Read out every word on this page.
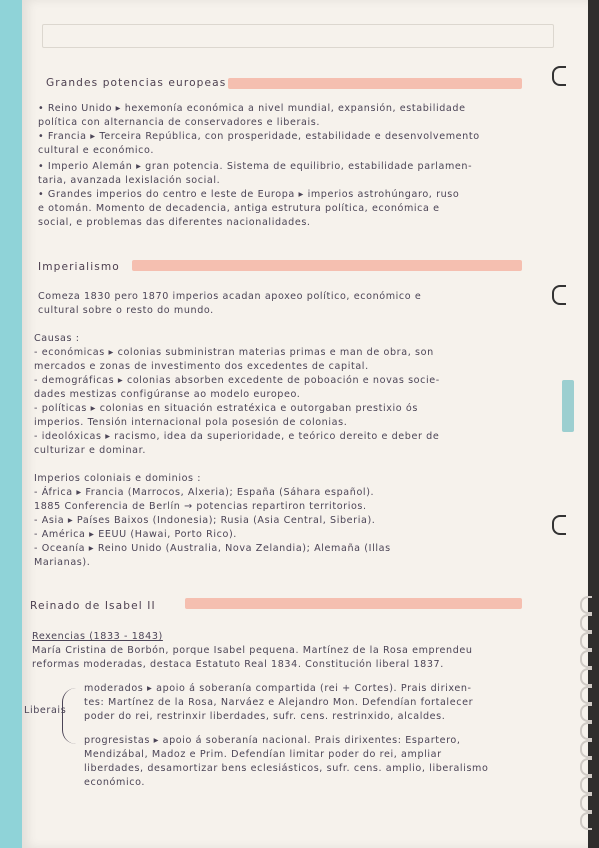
Grandes potencias europeas

• Reino Unido ▸ hexemonía económica a nivel mundial, expansión, estabilidade

política con alternancia de conservadores e liberais.

• Francia ▸ Terceira República, con prosperidade, estabilidade e desenvolvemento

cultural e económico.

• Imperio Alemán ▸ gran potencia. Sistema de equilibrio, estabilidade parlamen-

taria, avanzada lexislación social.

• Grandes imperios do centro e leste de Europa ▸ imperios astrohúngaro, ruso

e otomán. Momento de decadencia, antiga estrutura política, económica e

social, e problemas das diferentes nacionalidades.

Imperialismo

Comeza 1830 pero 1870 imperios acadan apoxeo político, económico e

cultural sobre o resto do mundo.

Causas :

- económicas ▸ colonias subministran materias primas e man de obra, son

mercados e zonas de investimento dos excedentes de capital.

- demográficas ▸ colonias absorben excedente de poboación e novas socie-

dades mestizas configúranse ao modelo europeo.

- políticas ▸ colonias en situación estratéxica e outorgaban prestixio ós

imperios. Tensión internacional pola posesión de colonias.

- ideolóxicas ▸ racismo, idea da superioridade, e teórico dereito e deber de

culturizar e dominar.

Imperios coloniais e dominios :

- África ▸ Francia (Marrocos, Alxeria); España (Sáhara español).

1885 Conferencia de Berlín → potencias repartiron territorios.

- Asia ▸ Países Baixos (Indonesia); Rusia (Asia Central, Siberia).

- América ▸ EEUU (Hawai, Porto Rico).

- Oceanía ▸ Reino Unido (Australia, Nova Zelandia); Alemaña (Illas

Marianas).

Reinado de Isabel II

Rexencias (1833 - 1843)

María Cristina de Borbón, porque Isabel pequena. Martínez de la Rosa emprendeu

reformas moderadas, destaca Estatuto Real 1834. Constitución liberal 1837.

Liberais

moderados ▸ apoio á soberanía compartida (rei + Cortes). Prais dirixen-

tes: Martínez de la Rosa, Narváez e Alejandro Mon. Defendían fortalecer

poder do rei, restrinxir liberdades, sufr. cens. restrinxido, alcaldes.

progresistas ▸ apoio á soberanía nacional. Prais dirixentes: Espartero,

Mendizábal, Madoz e Prim. Defendían limitar poder do rei, ampliar

liberdades, desamortizar bens eclesiásticos, sufr. cens. amplio, liberalismo

económico.
